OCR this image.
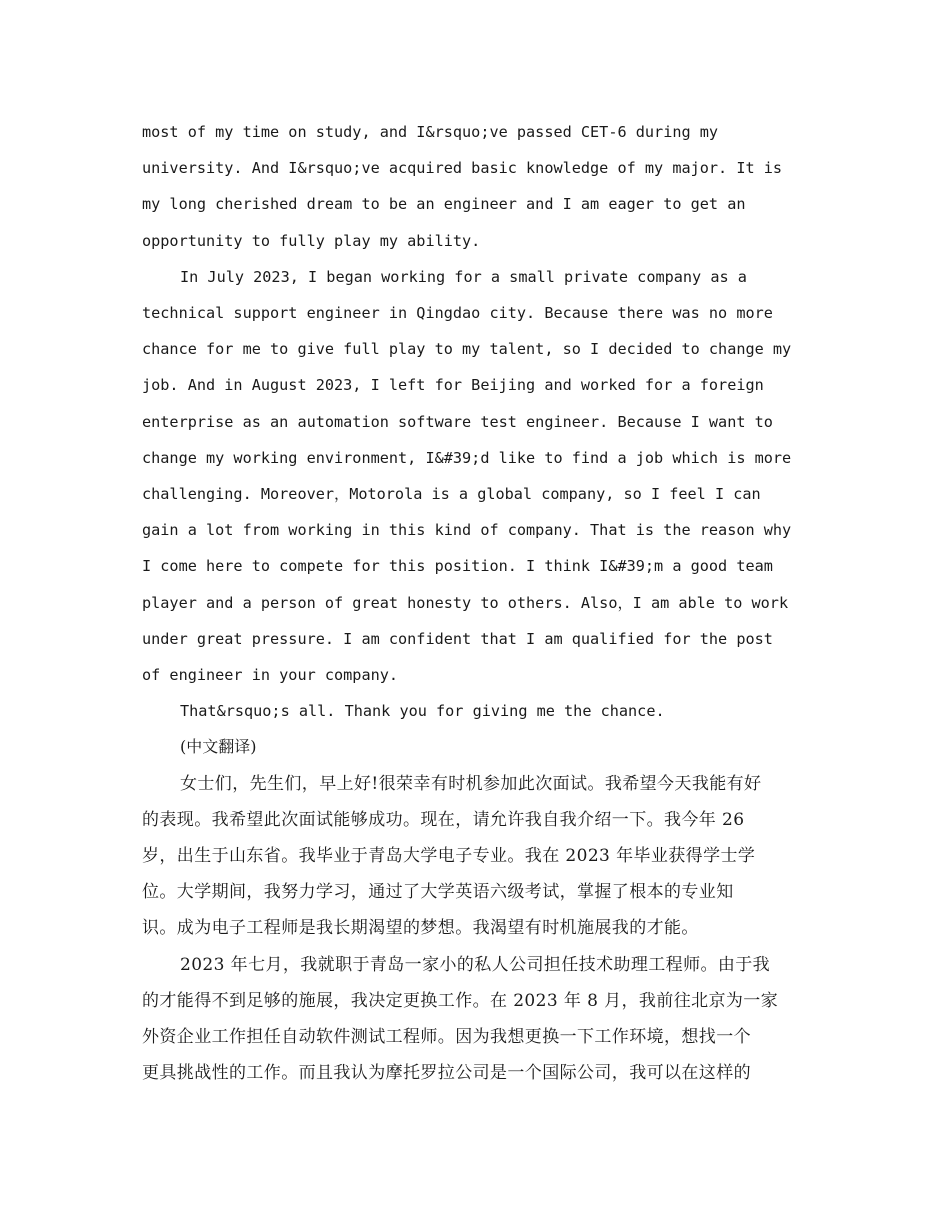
most of my time on study, and I&rsquo;ve passed CET-6 during my

university. And I&rsquo;ve acquired basic knowledge of my major. It is

my long cherished dream to be an engineer and I am eager to get an

opportunity to fully play my ability.

In July 2023, I began working for a small private company as a

technical support engineer in Qingdao city. Because there was no more

chance for me to give full play to my talent, so I decided to change my

job. And in August 2023, I left for Beijing and worked for a foreign

enterprise as an automation software test engineer. Because I want to

change my working environment, I&#39;d like to find a job which is more

challenging. Moreover，Motorola is a global company, so I feel I can

gain a lot from working in this kind of company. That is the reason why

I come here to compete for this position. I think I&#39;m a good team

player and a person of great honesty to others. Also，I am able to work

under great pressure. I am confident that I am qualified for the post

of engineer in your company.

That&rsquo;s all. Thank you for giving me the chance.

(中文翻译)

女士们，先生们，早上好!很荣幸有时机参加此次面试。我希望今天我能有好

的表现。我希望此次面试能够成功。现在，请允许我自我介绍一下。我今年 26

岁，出生于山东省。我毕业于青岛大学电子专业。我在 2023 年毕业获得学士学

位。大学期间，我努力学习，通过了大学英语六级考试，掌握了根本的专业知

识。成为电子工程师是我长期渴望的梦想。我渴望有时机施展我的才能。

2023 年七月，我就职于青岛一家小的私人公司担任技术助理工程师。由于我

的才能得不到足够的施展，我决定更换工作。在 2023 年 8 月，我前往北京为一家

外资企业工作担任自动软件测试工程师。因为我想更换一下工作环境，想找一个

更具挑战性的工作。而且我认为摩托罗拉公司是一个国际公司，我可以在这样的
